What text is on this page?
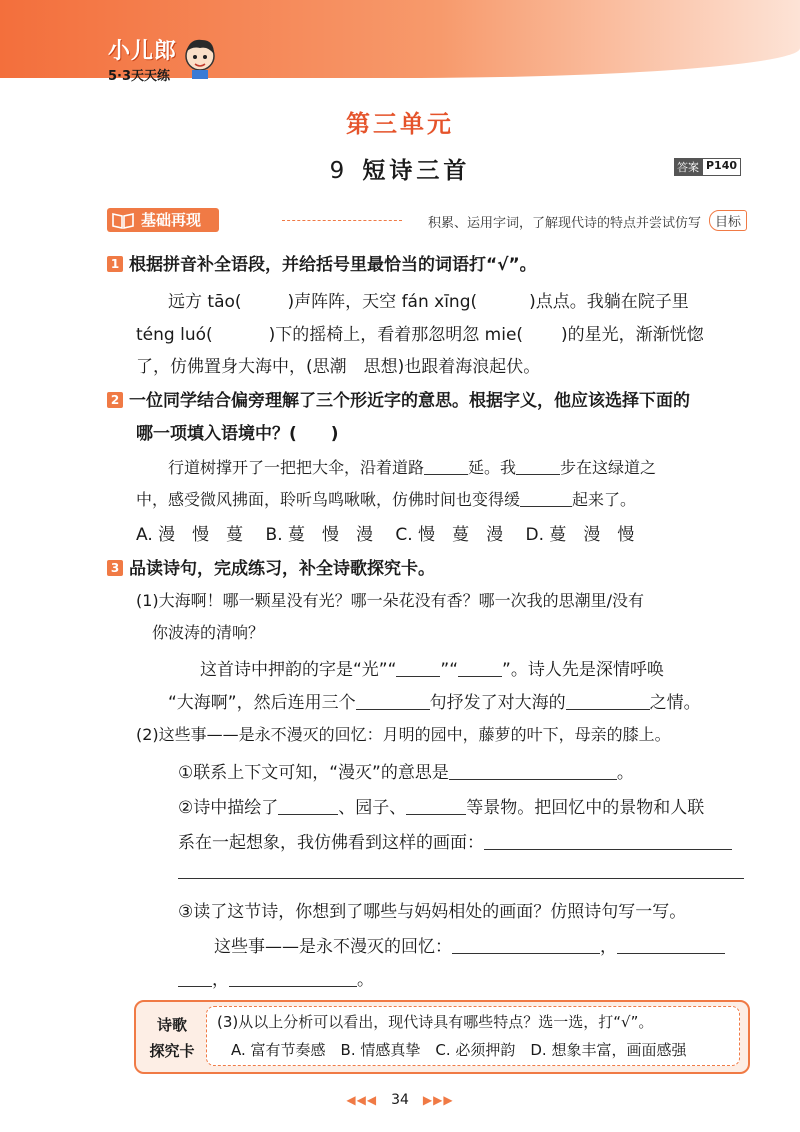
小儿郎
5·3天天练
第三单元
9 短诗三首	答案 P140
基础再现	积累、运用字词，了解现代诗的特点并尝试仿写	目标
1 根据拼音补全语段，并给括号里最恰当的词语打“√”。
远方 tāo(	)声阵阵，天空 fán xīng(	)点点。我躺在院子里
téng luó(	)下的摇椅上，看着那忽明忽 mie( )的星光，渐渐恍惚
了，仿佛置身大海中，(思潮　思想)也跟着海浪起伏。
2 一位同学结合偏旁理解了三个形近字的意思。根据字义，他应该选择下面的
哪一项填入语境中？(　　)
行道树撑开了一把把大伞，沿着道路	延。我	步在这绿道之
中，感受微风拂面，聆听鸟鸣啾啾，仿佛时间也变得缓	起来了。
A. 漫　慢　蔓　 B. 蔓　慢　漫　 C. 慢　蔓　漫　 D. 蔓　漫　慢
3 品读诗句，完成练习，补全诗歌探究卡。
(1)大海啊！哪一颗星没有光？哪一朵花没有香？哪一次我的思潮里/没有
你波涛的清响？
这首诗中押韵的字是“光”“	”“	”。诗人先是深情呼唤
“大海啊”，然后连用三个	句抒发了对大海的	之情。
(2)这些事——是永不漫灭的回忆：月明的园中，藤萝的叶下，母亲的膝上。
①联系上下文可知，“漫灭”的意思是	。
②诗中描绘了	、园子、	等景物。把回忆中的景物和人联
系在一起想象，我仿佛看到这样的画面：
③读了这节诗，你想到了哪些与妈妈相处的画面？仿照诗句写一写。
这些事——是永不漫灭的回忆：	，
，	。
诗歌
探究卡
(3)从以上分析可以看出，现代诗具有哪些特点？选一选，打“√”。
A. 富有节奏感　B. 情感真挚　C. 必须押韵　D. 想象丰富，画面感强
◀◀◀ 34 ▶▶▶
